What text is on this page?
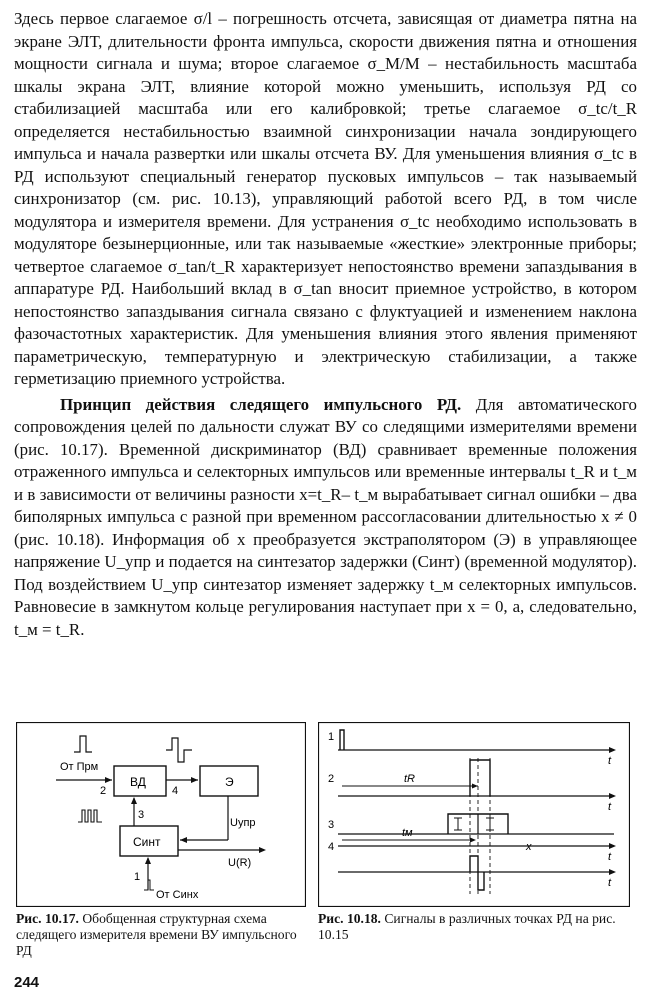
Здесь первое слагаемое σ/l – погрешность отсчета, зависящая от диаметра пятна на экране ЭЛТ, длительности фронта импульса, скорости движения пятна и отношения мощности сигнала и шума; второе слагаемое σ_M/M – нестабильность масштаба шкалы экрана ЭЛТ, влияние которой можно уменьшить, используя РД со стабилизацией масштаба или его калибровкой; третье слагаемое σ_tc/t_R определяется нестабильностью взаимной синхронизации начала зондирующего импульса и начала развертки или шкалы отсчета ВУ. Для уменьшения влияния σ_tc в РД используют специальный генератор пусковых импульсов – так называемый синхронизатор (см. рис. 10.13), управляющий работой всего РД, в том числе модулятора и измерителя времени. Для устранения σ_tc необходимо использовать в модуляторе безынерционные, или так называемые «жесткие» электронные приборы; четвертое слагаемое σ_tan/t_R характеризует непостоянство времени запаздывания в аппаратуре РД. Наибольший вклад в σ_tan вносит приемное устройство, в котором непостоянство запаздывания сигнала связано с флуктуацией и изменением наклона фазочастотных характеристик. Для уменьшения влияния этого явления применяют параметрическую, температурную и электрическую стабилизации, а также герметизацию приемного устройства.

Принцип действия следящего импульсного РД. Для автоматического сопровождения целей по дальности служат ВУ со следящими измерителями времени (рис. 10.17). Временной дискриминатор (ВД) сравнивает временные положения отраженного импульса и селекторных импульсов или временные интервалы t_R и t_м и в зависимости от величины разности x=t_R– t_м вырабатывает сигнал ошибки – два биполярных импульса с разной при временном рассогласовании длительностью x ≠ 0 (рис. 10.18). Информация об x преобразуется экстраполятором (Э) в управляющее напряжение U_упр и подается на синтезатор задержки (Синт) (временной модулятор). Под воздействием U_упр синтезатор изменяет задержку t_м селекторных импульсов. Равновесие в замкнутом кольце регулирования наступает при x = 0, а, следовательно, t_м = t_R.

От Прм
2
ВД
4
Э
Uупр
Синт
3
U(R)
1
От Синх
Рис. 10.17. Обобщенная структурная схема следящего измерителя времени ВУ импульсного РД
1
t
2
t
tR
3
4
t
tм
x
t
Рис. 10.18. Сигналы в различных точках РД на рис. 10.15
244
